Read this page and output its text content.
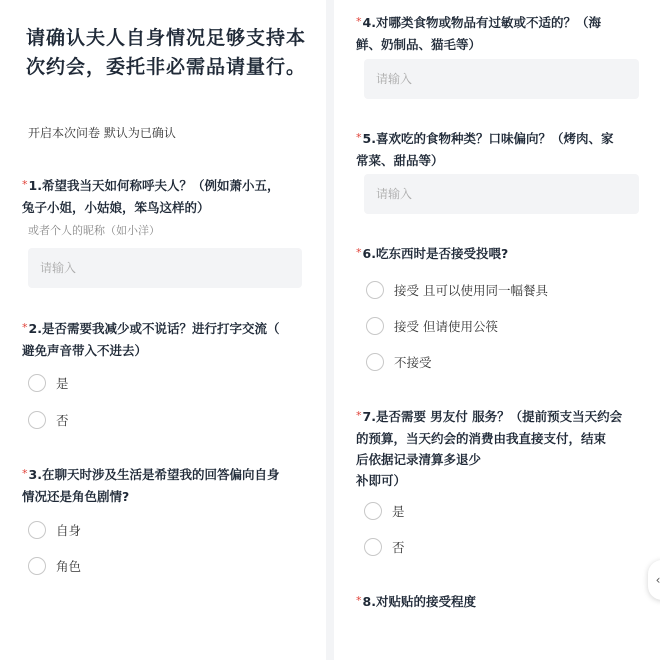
请确认夫人自身情况足够支持本次约会，委托非必需品请量行。
开启本次问卷 默认为已确认
*1.希望我当天如何称呼夫人？（例如萧小五，
兔子小姐，小姑娘，笨鸟这样的）
或者个人的昵称（如小洋）
请输入
*2.是否需要我减少或不说话？进行打字交流（
避免声音带入不进去）
是
否
*3.在聊天时涉及生活是希望我的回答偏向自身
情况还是角色剧情?
自身
角色
*4.对哪类食物或物品有过敏或不适的？（海
鲜、奶制品、猫毛等）
请输入
*5.喜欢吃的食物种类？口味偏向？（烤肉、家
常菜、甜品等）
请输入
*6.吃东西时是否接受投喂?
接受 且可以使用同一幅餐具
接受 但请使用公筷
不接受
*7.是否需要 男友付 服务？（提前预支当天约会
的预算，当天约会的消费由我直接支付，结束
后依据记录清算多退少
补即可）
是
否
*8.对贴贴的接受程度
‹
